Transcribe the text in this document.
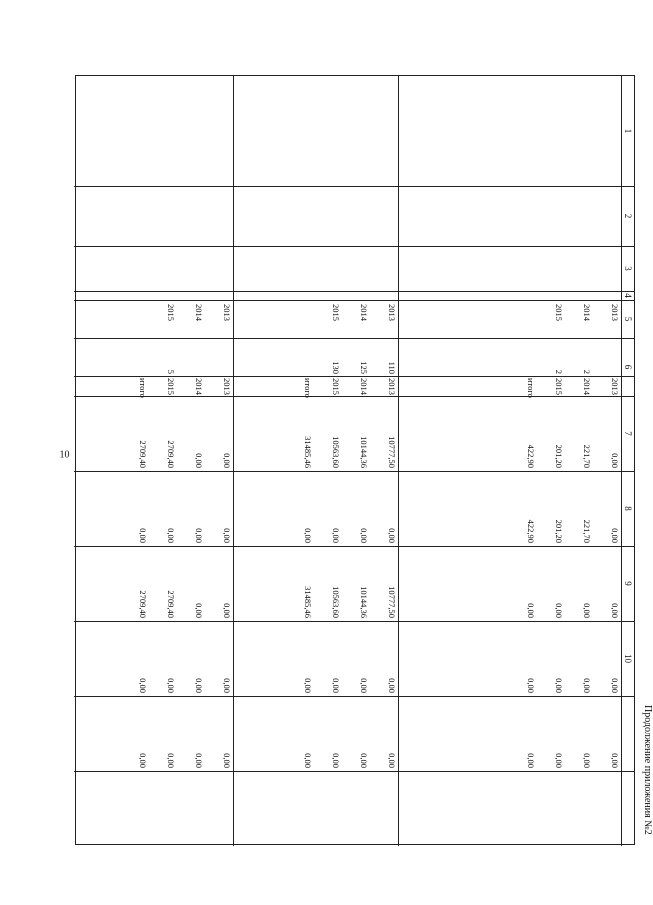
Продолжение приложения №2
10
1
2
3
4
5
6
7
8
9
10
2013
2013
0,00
0,00
0,00
0,00
0,00
2014
2
2014
221,70
221,70
0,00
0,00
0,00
2015
2
2015
201,20
201,20
0,00
0,00
0,00
итого
422,90
422,90
0,00
0,00
0,00
2013
110
2013
10777,50
0,00
10777,50
0,00
0,00
2014
125
2014
10144,36
0,00
10144,36
0,00
0,00
2015
130
2015
10563,60
0,00
10563,60
0,00
0,00
итого
31485,46
0,00
31485,46
0,00
0,00
2013
2013
0,00
0,00
0,00
0,00
0,00
2014
2014
0,00
0,00
0,00
0,00
0,00
2015
5
2015
2709,40
0,00
2709,40
0,00
0,00
итого
2709,40
0,00
2709,40
0,00
0,00
